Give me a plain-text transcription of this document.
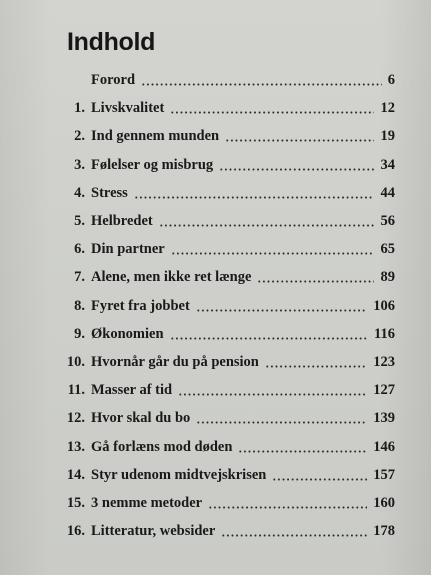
Indhold
Forord	6
1. Livskvalitet	12
2. Ind gennem munden	19
3. Følelser og misbrug	34
4. Stress	44
5. Helbredet	56
6. Din partner	65
7. Alene, men ikke ret længe	89
8. Fyret fra jobbet	106
9. Økonomien	116
10. Hvornår går du på pension	123
11. Masser af tid	127
12. Hvor skal du bo	139
13. Gå forlæns mod døden	146
14. Styr udenom midtvejskrisen	157
15. 3 nemme metoder	160
16. Litteratur, websider	178
